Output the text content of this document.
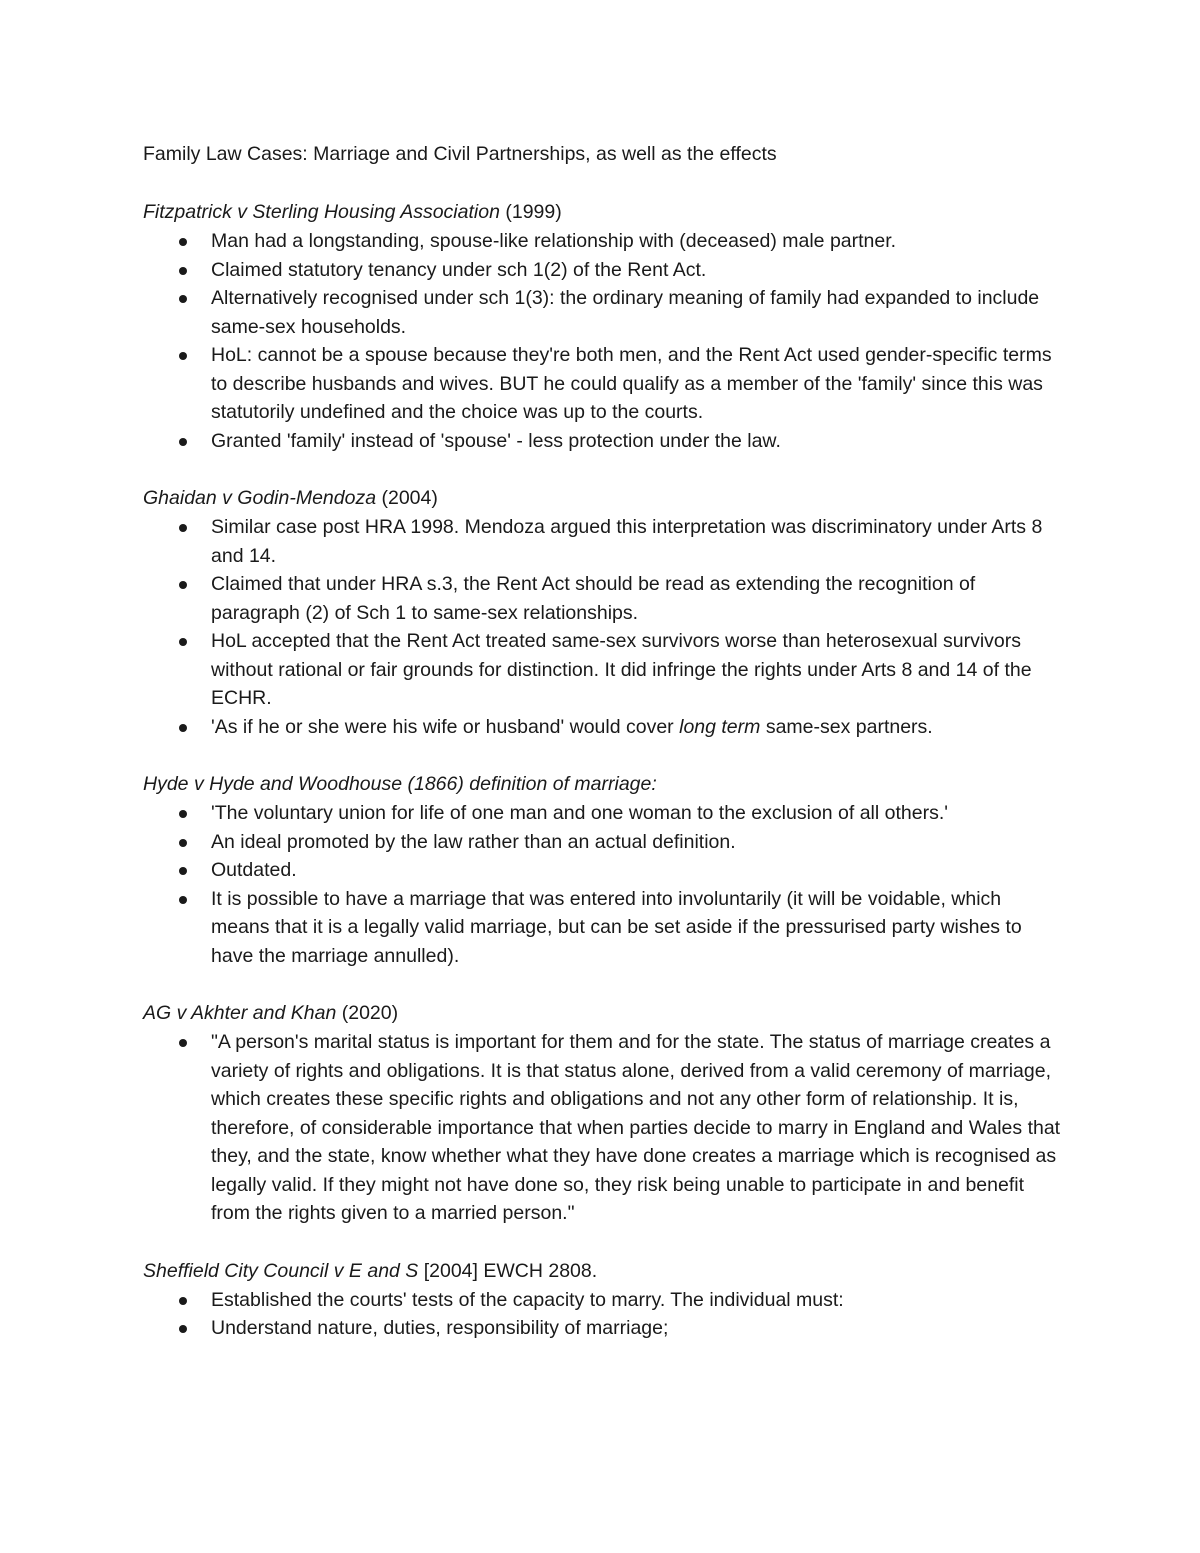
Family Law Cases: Marriage and Civil Partnerships, as well as the effects

Fitzpatrick v Sterling Housing Association (1999)

Man had a longstanding, spouse-like relationship with (deceased) male partner.
Claimed statutory tenancy under sch 1(2) of the Rent Act.
Alternatively recognised under sch 1(3): the ordinary meaning of family had expanded to include same-sex households.
HoL: cannot be a spouse because they're both men, and the Rent Act used gender-specific terms to describe husbands and wives. BUT he could qualify as a member of the 'family' since this was statutorily undefined and the choice was up to the courts.
Granted 'family' instead of 'spouse' - less protection under the law.

Ghaidan v Godin-Mendoza (2004)

Similar case post HRA 1998. Mendoza argued this interpretation was discriminatory under Arts 8 and 14.
Claimed that under HRA s.3, the Rent Act should be read as extending the recognition of paragraph (2) of Sch 1 to same-sex relationships.
HoL accepted that the Rent Act treated same-sex survivors worse than heterosexual survivors without rational or fair grounds for distinction. It did infringe the rights under Arts 8 and 14 of the ECHR.
'As if he or she were his wife or husband' would cover long term same-sex partners.

Hyde v Hyde and Woodhouse (1866) definition of marriage:

'The voluntary union for life of one man and one woman to the exclusion of all others.'
An ideal promoted by the law rather than an actual definition.
Outdated.
It is possible to have a marriage that was entered into involuntarily (it will be voidable, which means that it is a legally valid marriage, but can be set aside if the pressurised party wishes to have the marriage annulled).

AG v Akhter and Khan (2020)

"A person's marital status is important for them and for the state. The status of marriage creates a variety of rights and obligations. It is that status alone, derived from a valid ceremony of marriage, which creates these specific rights and obligations and not any other form of relationship. It is, therefore, of considerable importance that when parties decide to marry in England and Wales that they, and the state, know whether what they have done creates a marriage which is recognised as legally valid. If they might not have done so, they risk being unable to participate in and benefit from the rights given to a married person."

Sheffield City Council v E and S [2004] EWCH 2808.

Established the courts' tests of the capacity to marry. The individual must:
Understand nature, duties, responsibility of marriage;
